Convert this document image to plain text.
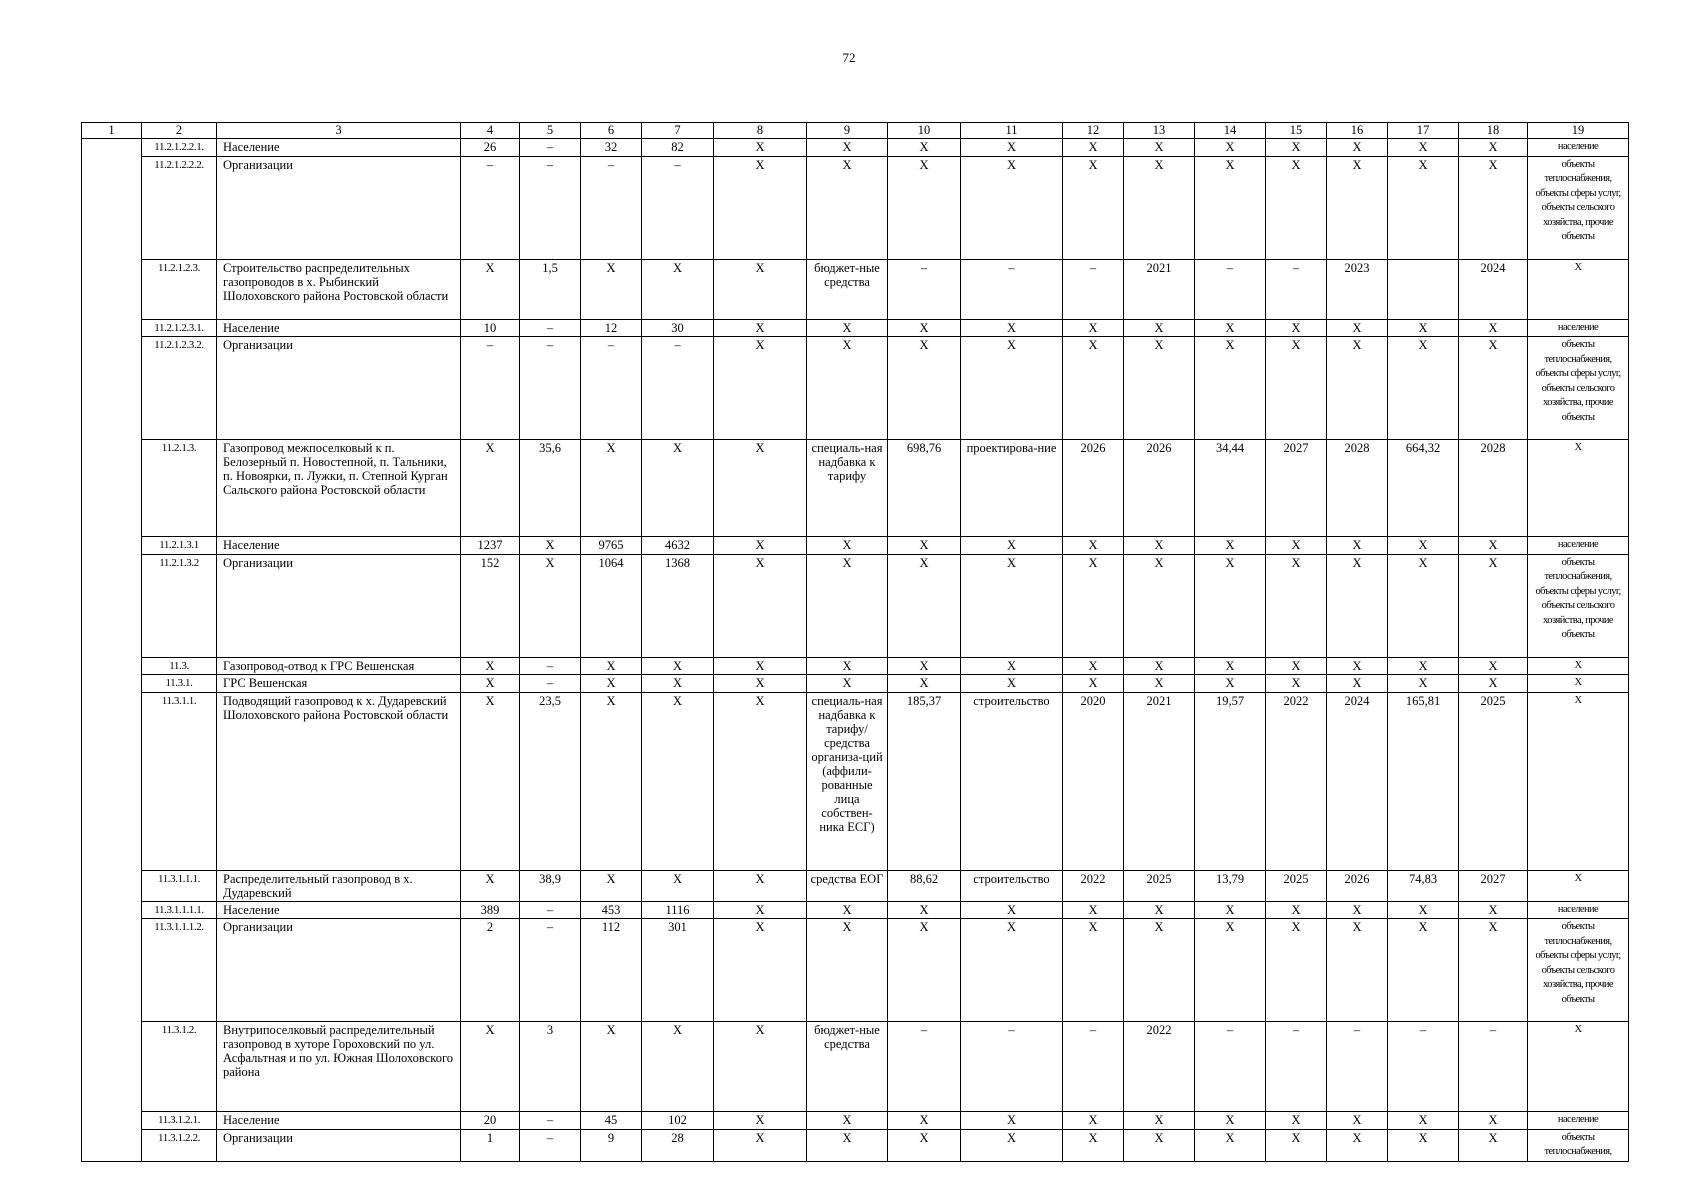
72
1	2	3	4	5	6	7	8	9	10	11	12	13	14	15	16	17	18	19
	11.2.1.2.2.1.	Население	26	–	32	82	X	X	X	X	X	X	X	X	X	X	X	население
	11.2.1.2.2.2.	Организации	–	–	–	–	X	X	X	X	X	X	X	X	X	X	X	объекты теплоснабжения, объекты сферы услуг, объекты сельского хозяйства, прочие объекты
	11.2.1.2.3.	Строительство распределительных газопроводов в х. Рыбинский Шолоховского района Ростовской области	X	1,5	X	X	X	бюджет-ные средства	–	–	–	2021	–	–	2023		2024	X
	11.2.1.2.3.1.	Население	10	–	12	30	X	X	X	X	X	X	X	X	X	X	X	население
	11.2.1.2.3.2.	Организации	–	–	–	–	X	X	X	X	X	X	X	X	X	X	X	объекты теплоснабжения, объекты сферы услуг, объекты сельского хозяйства, прочие объекты
	11.2.1.3.	Газопровод межпоселковый к п. Белозерный п. Новостепной, п. Тальники, п. Новоярки, п. Лужки, п. Степной Курган Сальского района Ростовской области	X	35,6	X	X	X	специаль-ная надбавка к тарифу	698,76	проектирова-ние	2026	2026	34,44	2027	2028	664,32	2028	X
	11.2.1.3.1	Население	1237	X	9765	4632	X	X	X	X	X	X	X	X	X	X	X	население
	11.2.1.3.2	Организации	152	X	1064	1368	X	X	X	X	X	X	X	X	X	X	X	объекты теплоснабжения, объекты сферы услуг, объекты сельского хозяйства, прочие объекты
	11.3.	Газопровод-отвод к ГРС Вешенская	X	–	X	X	X	X	X	X	X	X	X	X	X	X	X	X
	11.3.1.	ГРС Вешенская	X	–	X	X	X	X	X	X	X	X	X	X	X	X	X	X
	11.3.1.1.	Подводящий газопровод к х. Дударевский Шолоховского района Ростовской области	X	23,5	X	X	X	специаль-ная надбавка к тарифу/ средства организа-ций (аффили-рованные лица собствен-ника ЕСГ)	185,37	строительство	2020	2021	19,57	2022	2024	165,81	2025	X
	11.3.1.1.1.	Распределительный газопровод в х. Дударевский	X	38,9	X	X	X	средства ЕОГ	88,62	строительство	2022	2025	13,79	2025	2026	74,83	2027	X
	11.3.1.1.1.1.	Население	389	–	453	1116	X	X	X	X	X	X	X	X	X	X	X	население
	11.3.1.1.1.2.	Организации	2	–	112	301	X	X	X	X	X	X	X	X	X	X	X	объекты теплоснабжения, объекты сферы услуг, объекты сельского хозяйства, прочие объекты
	11.3.1.2.	Внутрипоселковый распределительный газопровод в хуторе Гороховский по ул. Асфальтная и по ул. Южная Шолоховского района	X	3	X	X	X	бюджет-ные средства	–	–	–	2022	–	–	–	–	–	X
	11.3.1.2.1.	Население	20	–	45	102	X	X	X	X	X	X	X	X	X	X	X	население
	11.3.1.2.2.	Организации	1	–	9	28	X	X	X	X	X	X	X	X	X	X	X	объекты теплоснабжения,
